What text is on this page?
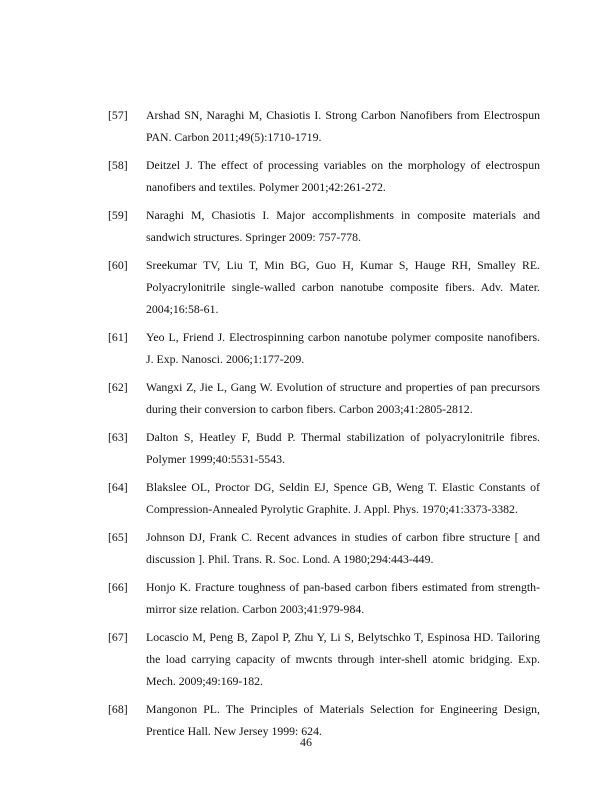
[57]	Arshad SN, Naraghi M, Chasiotis I. Strong Carbon Nanofibers from Electrospun PAN. Carbon 2011;49(5):1710-1719.
[58]	Deitzel J. The effect of processing variables on the morphology of electrospun nanofibers and textiles. Polymer 2001;42:261-272.
[59]	Naraghi M, Chasiotis I. Major accomplishments in composite materials and sandwich structures. Springer 2009: 757-778.
[60]	Sreekumar TV, Liu T, Min BG, Guo H, Kumar S, Hauge RH, Smalley RE. Polyacrylonitrile single-walled carbon nanotube composite fibers. Adv. Mater. 2004;16:58-61.
[61]	Yeo L, Friend J. Electrospinning carbon nanotube polymer composite nanofibers. J. Exp. Nanosci. 2006;1:177-209.
[62]	Wangxi Z, Jie L, Gang W. Evolution of structure and properties of pan precursors during their conversion to carbon fibers. Carbon 2003;41:2805-2812.
[63]	Dalton S, Heatley F, Budd P. Thermal stabilization of polyacrylonitrile fibres. Polymer 1999;40:5531-5543.
[64]	Blakslee OL, Proctor DG, Seldin EJ, Spence GB, Weng T. Elastic Constants of Compression-Annealed Pyrolytic Graphite. J. Appl. Phys. 1970;41:3373-3382.
[65]	Johnson DJ, Frank C. Recent advances in studies of carbon fibre structure [ and discussion ]. Phil. Trans. R. Soc. Lond. A 1980;294:443-449.
[66]	Honjo K. Fracture toughness of pan-based carbon fibers estimated from strength-mirror size relation. Carbon 2003;41:979-984.
[67]	Locascio M, Peng B, Zapol P, Zhu Y, Li S, Belytschko T, Espinosa HD. Tailoring the load carrying capacity of mwcnts through inter-shell atomic bridging. Exp. Mech. 2009;49:169-182.
[68]	Mangonon PL. The Principles of Materials Selection for Engineering Design, Prentice Hall. New Jersey 1999: 624.
46
